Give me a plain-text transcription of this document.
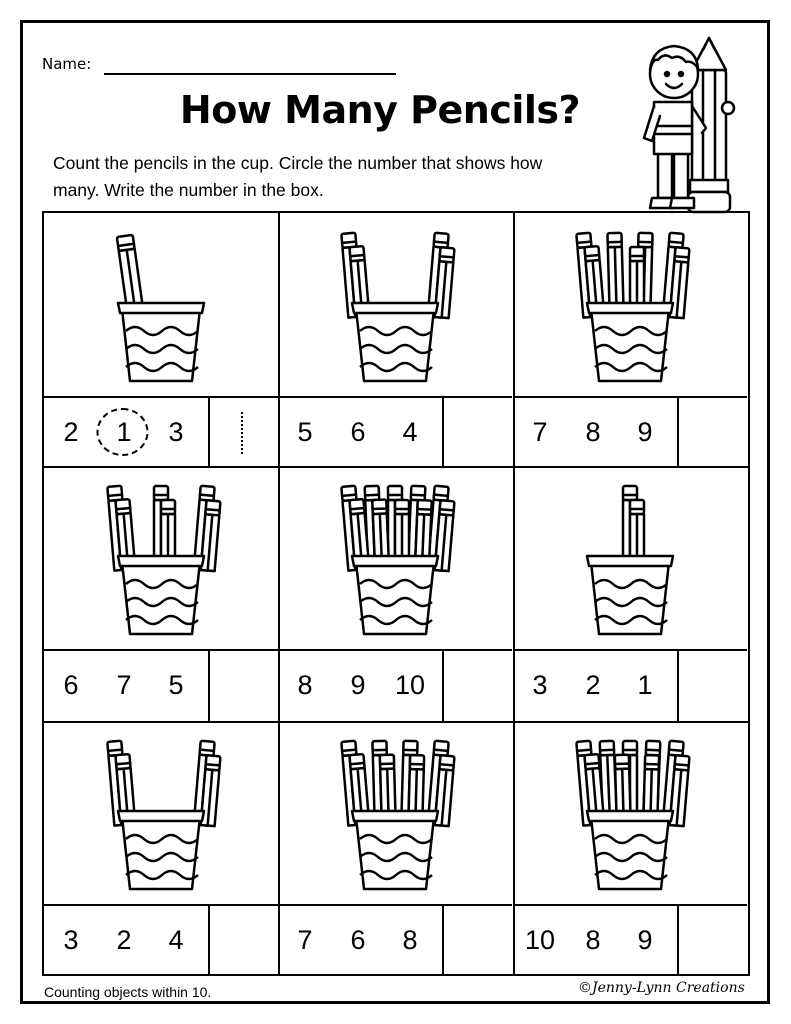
Name:
How Many Pencils?
Count the pencils in the cup. Circle the number that shows how many. Write the number in the box.
2 1 3	5 6 4	7 8 9
6 7 5	8 9 10	3 2 1
3 2 4	7 6 8	10 8 9
Counting objects within 10.	©Jenny-Lynn Creations
